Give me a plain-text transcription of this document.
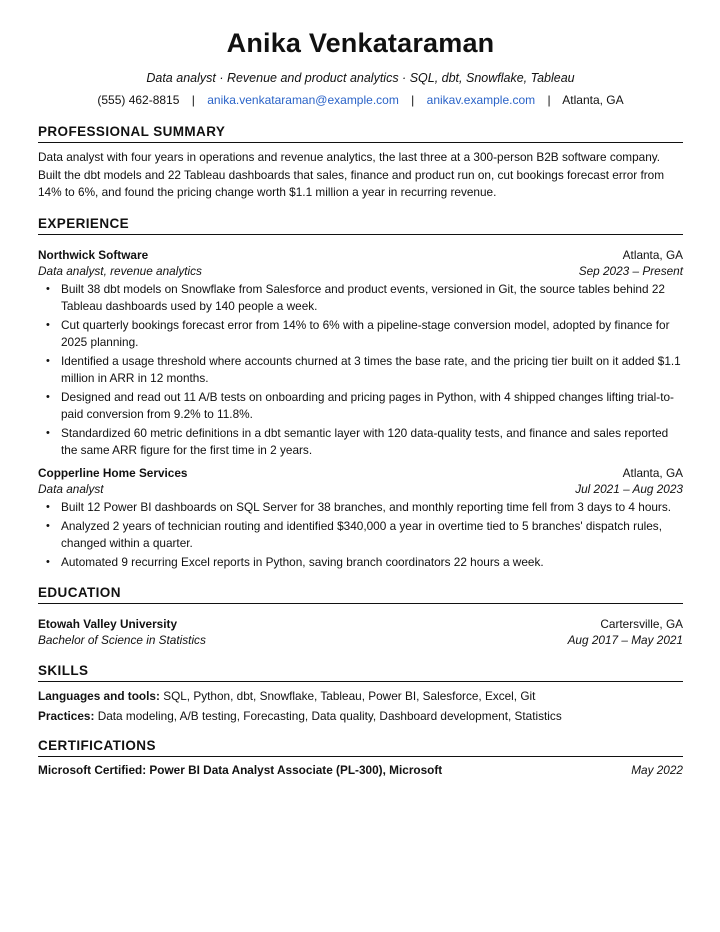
Anika Venkataraman
Data analyst · Revenue and product analytics · SQL, dbt, Snowflake, Tableau
(555) 462-8815 | anika.venkataraman@example.com | anikav.example.com | Atlanta, GA
PROFESSIONAL SUMMARY
Data analyst with four years in operations and revenue analytics, the last three at a 300-person B2B software company. Built the dbt models and 22 Tableau dashboards that sales, finance and product run on, cut bookings forecast error from 14% to 6%, and found the pricing change worth $1.1 million a year in recurring revenue.
EXPERIENCE
Northwick Software	Atlanta, GA
Data analyst, revenue analytics	Sep 2023 – Present
• Built 38 dbt models on Snowflake from Salesforce and product events, versioned in Git, the source tables behind 22 Tableau dashboards used by 140 people a week.
• Cut quarterly bookings forecast error from 14% to 6% with a pipeline-stage conversion model, adopted by finance for 2025 planning.
• Identified a usage threshold where accounts churned at 3 times the base rate, and the pricing tier built on it added $1.1 million in ARR in 12 months.
• Designed and read out 11 A/B tests on onboarding and pricing pages in Python, with 4 shipped changes lifting trial-to-paid conversion from 9.2% to 11.8%.
• Standardized 60 metric definitions in a dbt semantic layer with 120 data-quality tests, and finance and sales reported the same ARR figure for the first time in 2 years.
Copperline Home Services	Atlanta, GA
Data analyst	Jul 2021 – Aug 2023
• Built 12 Power BI dashboards on SQL Server for 38 branches, and monthly reporting time fell from 3 days to 4 hours.
• Analyzed 2 years of technician routing and identified $340,000 a year in overtime tied to 5 branches' dispatch rules, changed within a quarter.
• Automated 9 recurring Excel reports in Python, saving branch coordinators 22 hours a week.
EDUCATION
Etowah Valley University	Cartersville, GA
Bachelor of Science in Statistics	Aug 2017 – May 2021
SKILLS
Languages and tools: SQL, Python, dbt, Snowflake, Tableau, Power BI, Salesforce, Excel, Git
Practices: Data modeling, A/B testing, Forecasting, Data quality, Dashboard development, Statistics
CERTIFICATIONS
Microsoft Certified: Power BI Data Analyst Associate (PL-300), Microsoft	May 2022
